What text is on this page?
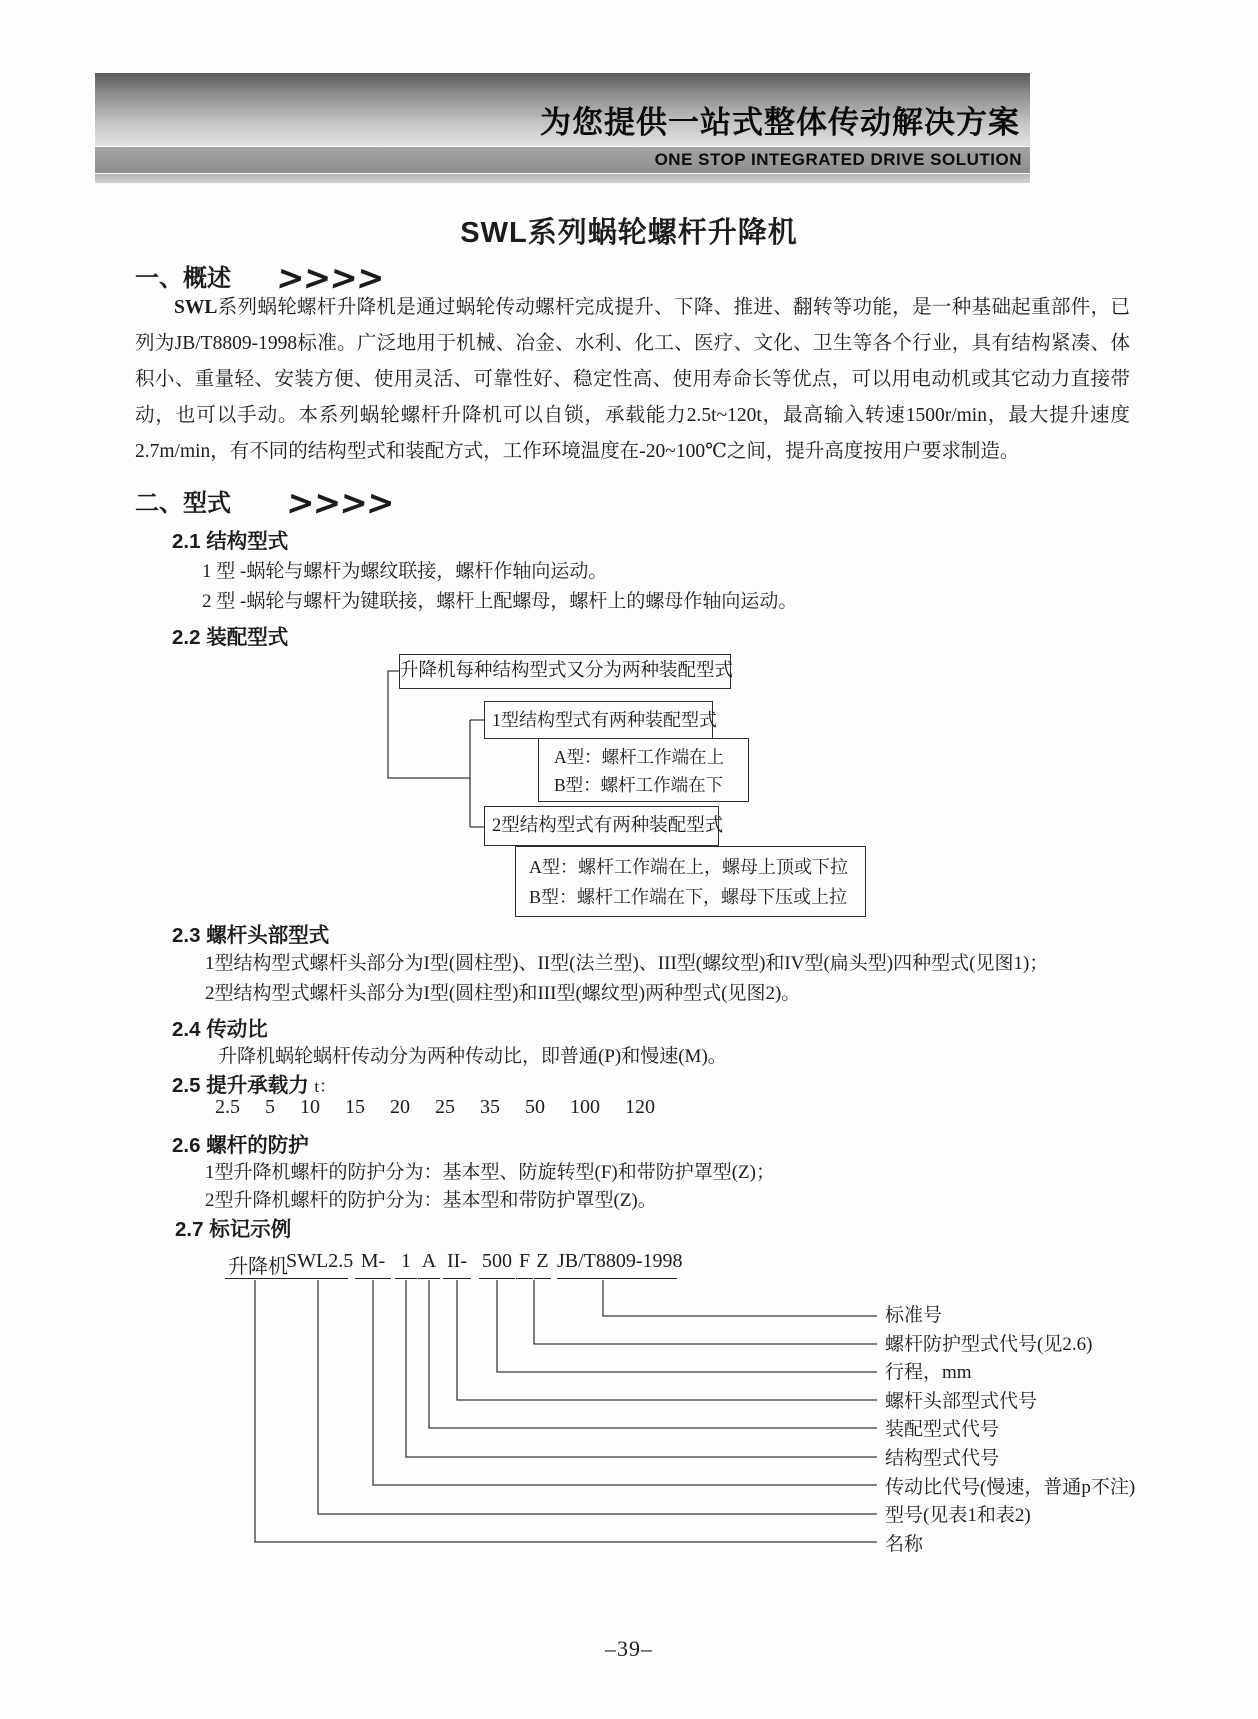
为您提供一站式整体传动解决方案
ONE STOP INTEGRATED DRIVE SOLUTION
SWL系列蜗轮螺杆升降机
一、概述 >>>>
SWL系列蜗轮螺杆升降机是通过蜗轮传动螺杆完成提升、下降、推进、翻转等功能，是一种基础起重部件，已列为JB/T8809-1998标准。广泛地用于机械、冶金、水利、化工、医疗、文化、卫生等各个行业，具有结构紧凑、体积小、重量轻、安装方便、使用灵活、可靠性好、稳定性高、使用寿命长等优点，可以用电动机或其它动力直接带动，也可以手动。本系列蜗轮螺杆升降机可以自锁，承载能力2.5t~120t，最高输入转速1500r/min，最大提升速度2.7m/min，有不同的结构型式和装配方式，工作环境温度在-20~100℃之间，提升高度按用户要求制造。
二、型式 >>>>
2.1 结构型式
1 型 -蜗轮与螺杆为螺纹联接，螺杆作轴向运动。
2 型 -蜗轮与螺杆为键联接，螺杆上配螺母，螺杆上的螺母作轴向运动。
2.2 装配型式
升降机每种结构型式又分为两种装配型式
1型结构型式有两种装配型式
A型：螺杆工作端在上
B型：螺杆工作端在下
2型结构型式有两种装配型式
A型：螺杆工作端在上，螺母上顶或下拉
B型：螺杆工作端在下，螺母下压或上拉
2.3 螺杆头部型式
1型结构型式螺杆头部分为I型(圆柱型)、II型(法兰型)、III型(螺纹型)和IV型(扁头型)四种型式(见图1)；
2型结构型式螺杆头部分为I型(圆柱型)和III型(螺纹型)两种型式(见图2)。
2.4 传动比
升降机蜗轮蜗杆传动分为两种传动比，即普通(P)和慢速(M)。
2.5 提升承载力 t：
2.5 5 10 15 20 25 35 50 100 120
2.6 螺杆的防护
1型升降机螺杆的防护分为：基本型、防旋转型(F)和带防护罩型(Z)；
2型升降机螺杆的防护分为：基本型和带防护罩型(Z)。
2.7 标记示例
升降机
SWL2.5 M- 1 A II- 500 F Z JB/T8809-1998
标准号
螺杆防护型式代号(见2.6)
行程，mm
螺杆头部型式代号
装配型式代号
结构型式代号
传动比代号(慢速，普通p不注)
型号(见表1和表2)
名称
–39–
